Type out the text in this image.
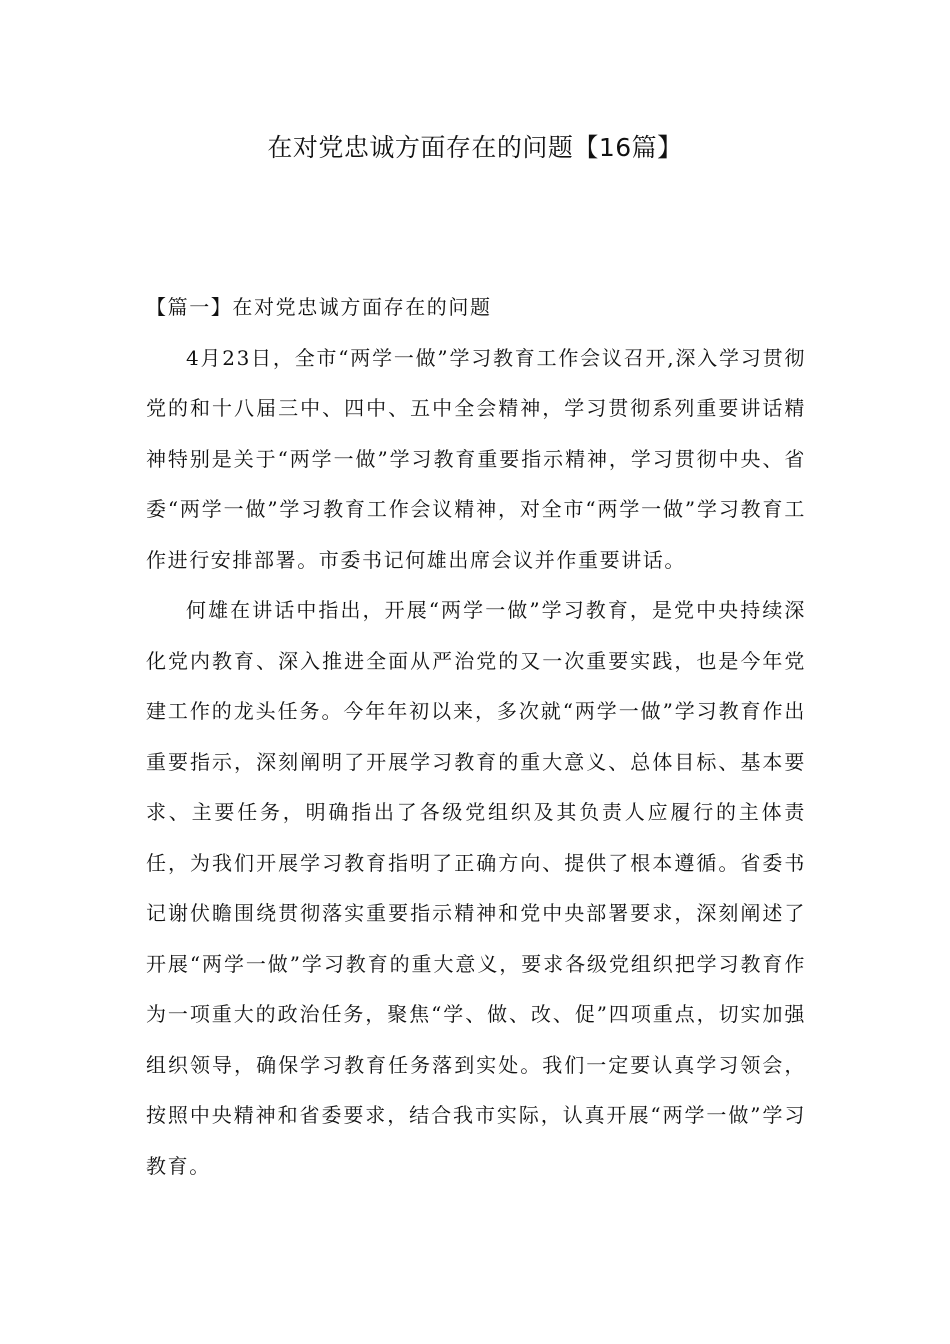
在对党忠诚方面存在的问题【16篇】
【篇一】在对党忠诚方面存在的问题

4月23日，全市“两学一做”学习教育工作会议召开,深入学习贯彻党的和十八届三中、四中、五中全会精神，学习贯彻系列重要讲话精神特别是关于“两学一做”学习教育重要指示精神，学习贯彻中央、省委“两学一做”学习教育工作会议精神，对全市“两学一做”学习教育工作进行安排部署。市委书记何雄出席会议并作重要讲话。

何雄在讲话中指出，开展“两学一做”学习教育，是党中央持续深化党内教育、深入推进全面从严治党的又一次重要实践，也是今年党建工作的龙头任务。今年年初以来，多次就“两学一做”学习教育作出重要指示，深刻阐明了开展学习教育的重大意义、总体目标、基本要求、主要任务，明确指出了各级党组织及其负责人应履行的主体责任，为我们开展学习教育指明了正确方向、提供了根本遵循。省委书记谢伏瞻围绕贯彻落实重要指示精神和党中央部署要求，深刻阐述了开展“两学一做”学习教育的重大意义，要求各级党组织把学习教育作为一项重大的政治任务，聚焦“学、做、改、促”四项重点，切实加强组织领导，确保学习教育任务落到实处。我们一定要认真学习领会，按照中央精神和省委要求，结合我市实际，认真开展“两学一做”学习教育。
